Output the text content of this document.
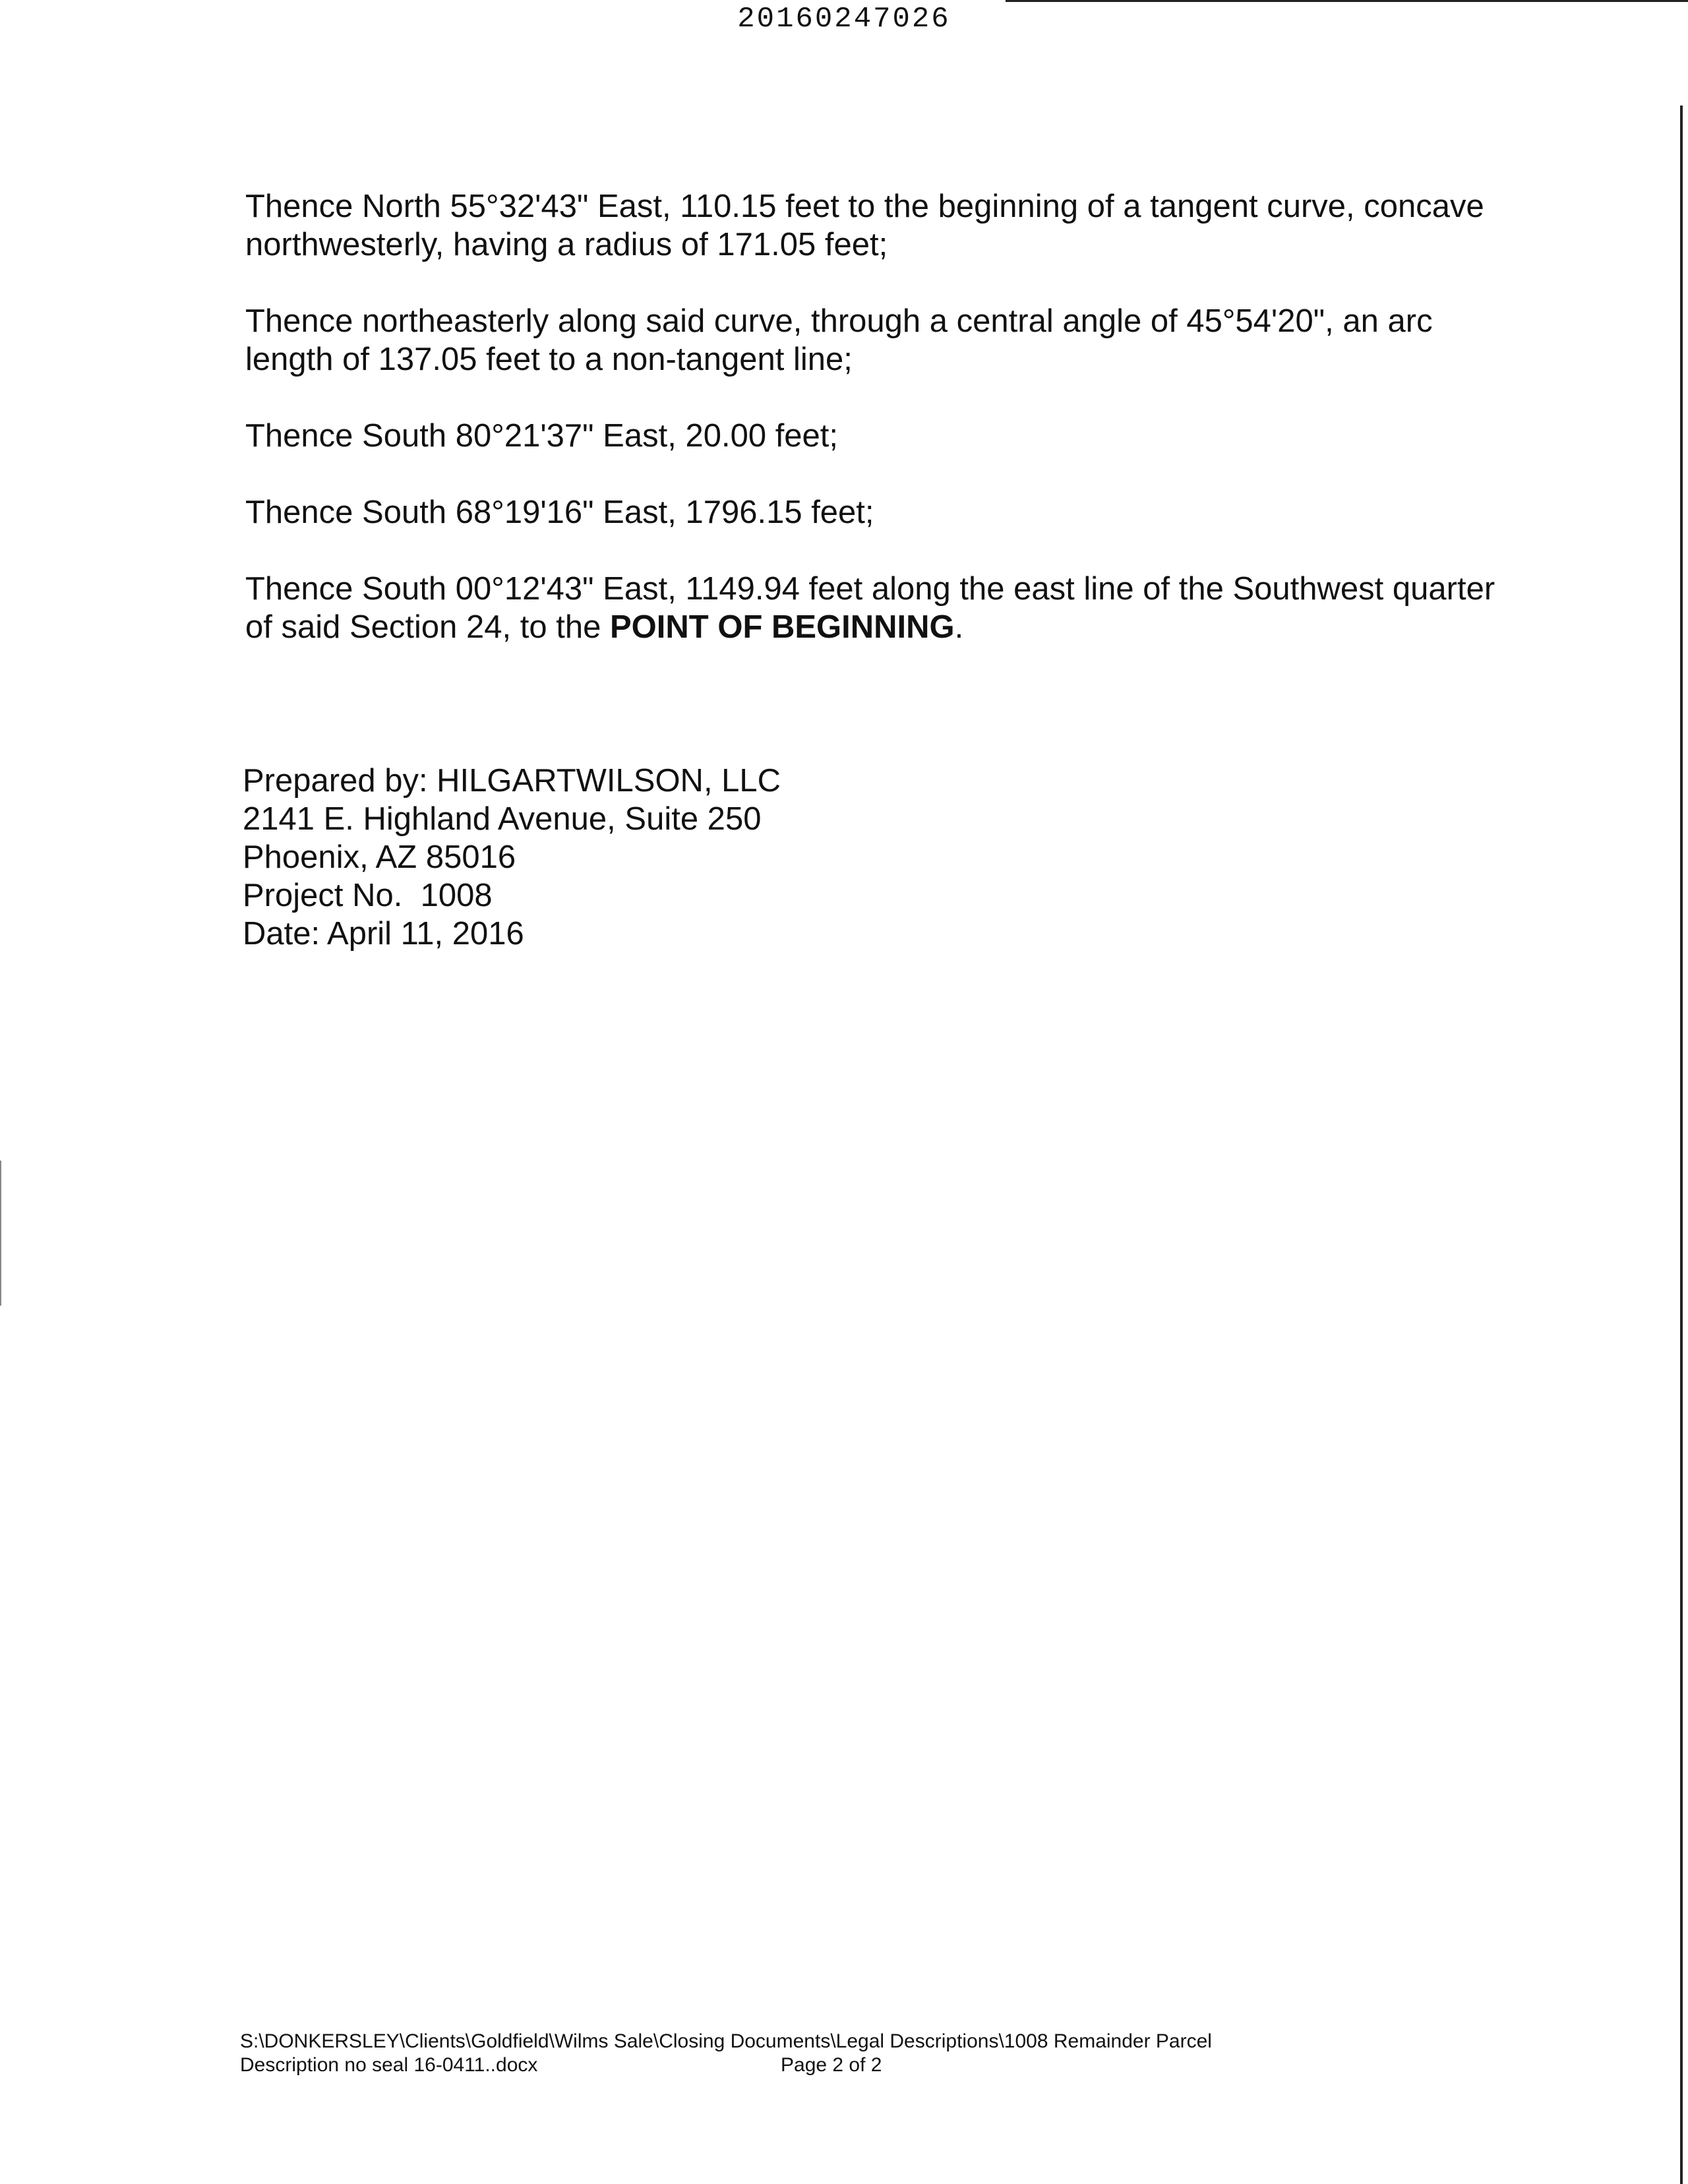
20160247026

Thence North 55°32'43" East, 110.15 feet to the beginning of a tangent curve, concave northwesterly, having a radius of 171.05 feet;

Thence northeasterly along said curve, through a central angle of 45°54'20", an arc length of 137.05 feet to a non-tangent line;

Thence South 80°21'37" East, 20.00 feet;

Thence South 68°19'16" East, 1796.15 feet;

Thence South 00°12'43" East, 1149.94 feet along the east line of the Southwest quarter of said Section 24, to the POINT OF BEGINNING.

Prepared by: HILGARTWILSON, LLC
2141 E. Highland Avenue, Suite 250
Phoenix, AZ 85016
Project No.  1008
Date: April 11, 2016
S:\DONKERSLEY\Clients\Goldfield\Wilms Sale\Closing Documents\Legal Descriptions\1008 Remainder Parcel
Description no seal 16-0411..docx	Page 2 of 2
